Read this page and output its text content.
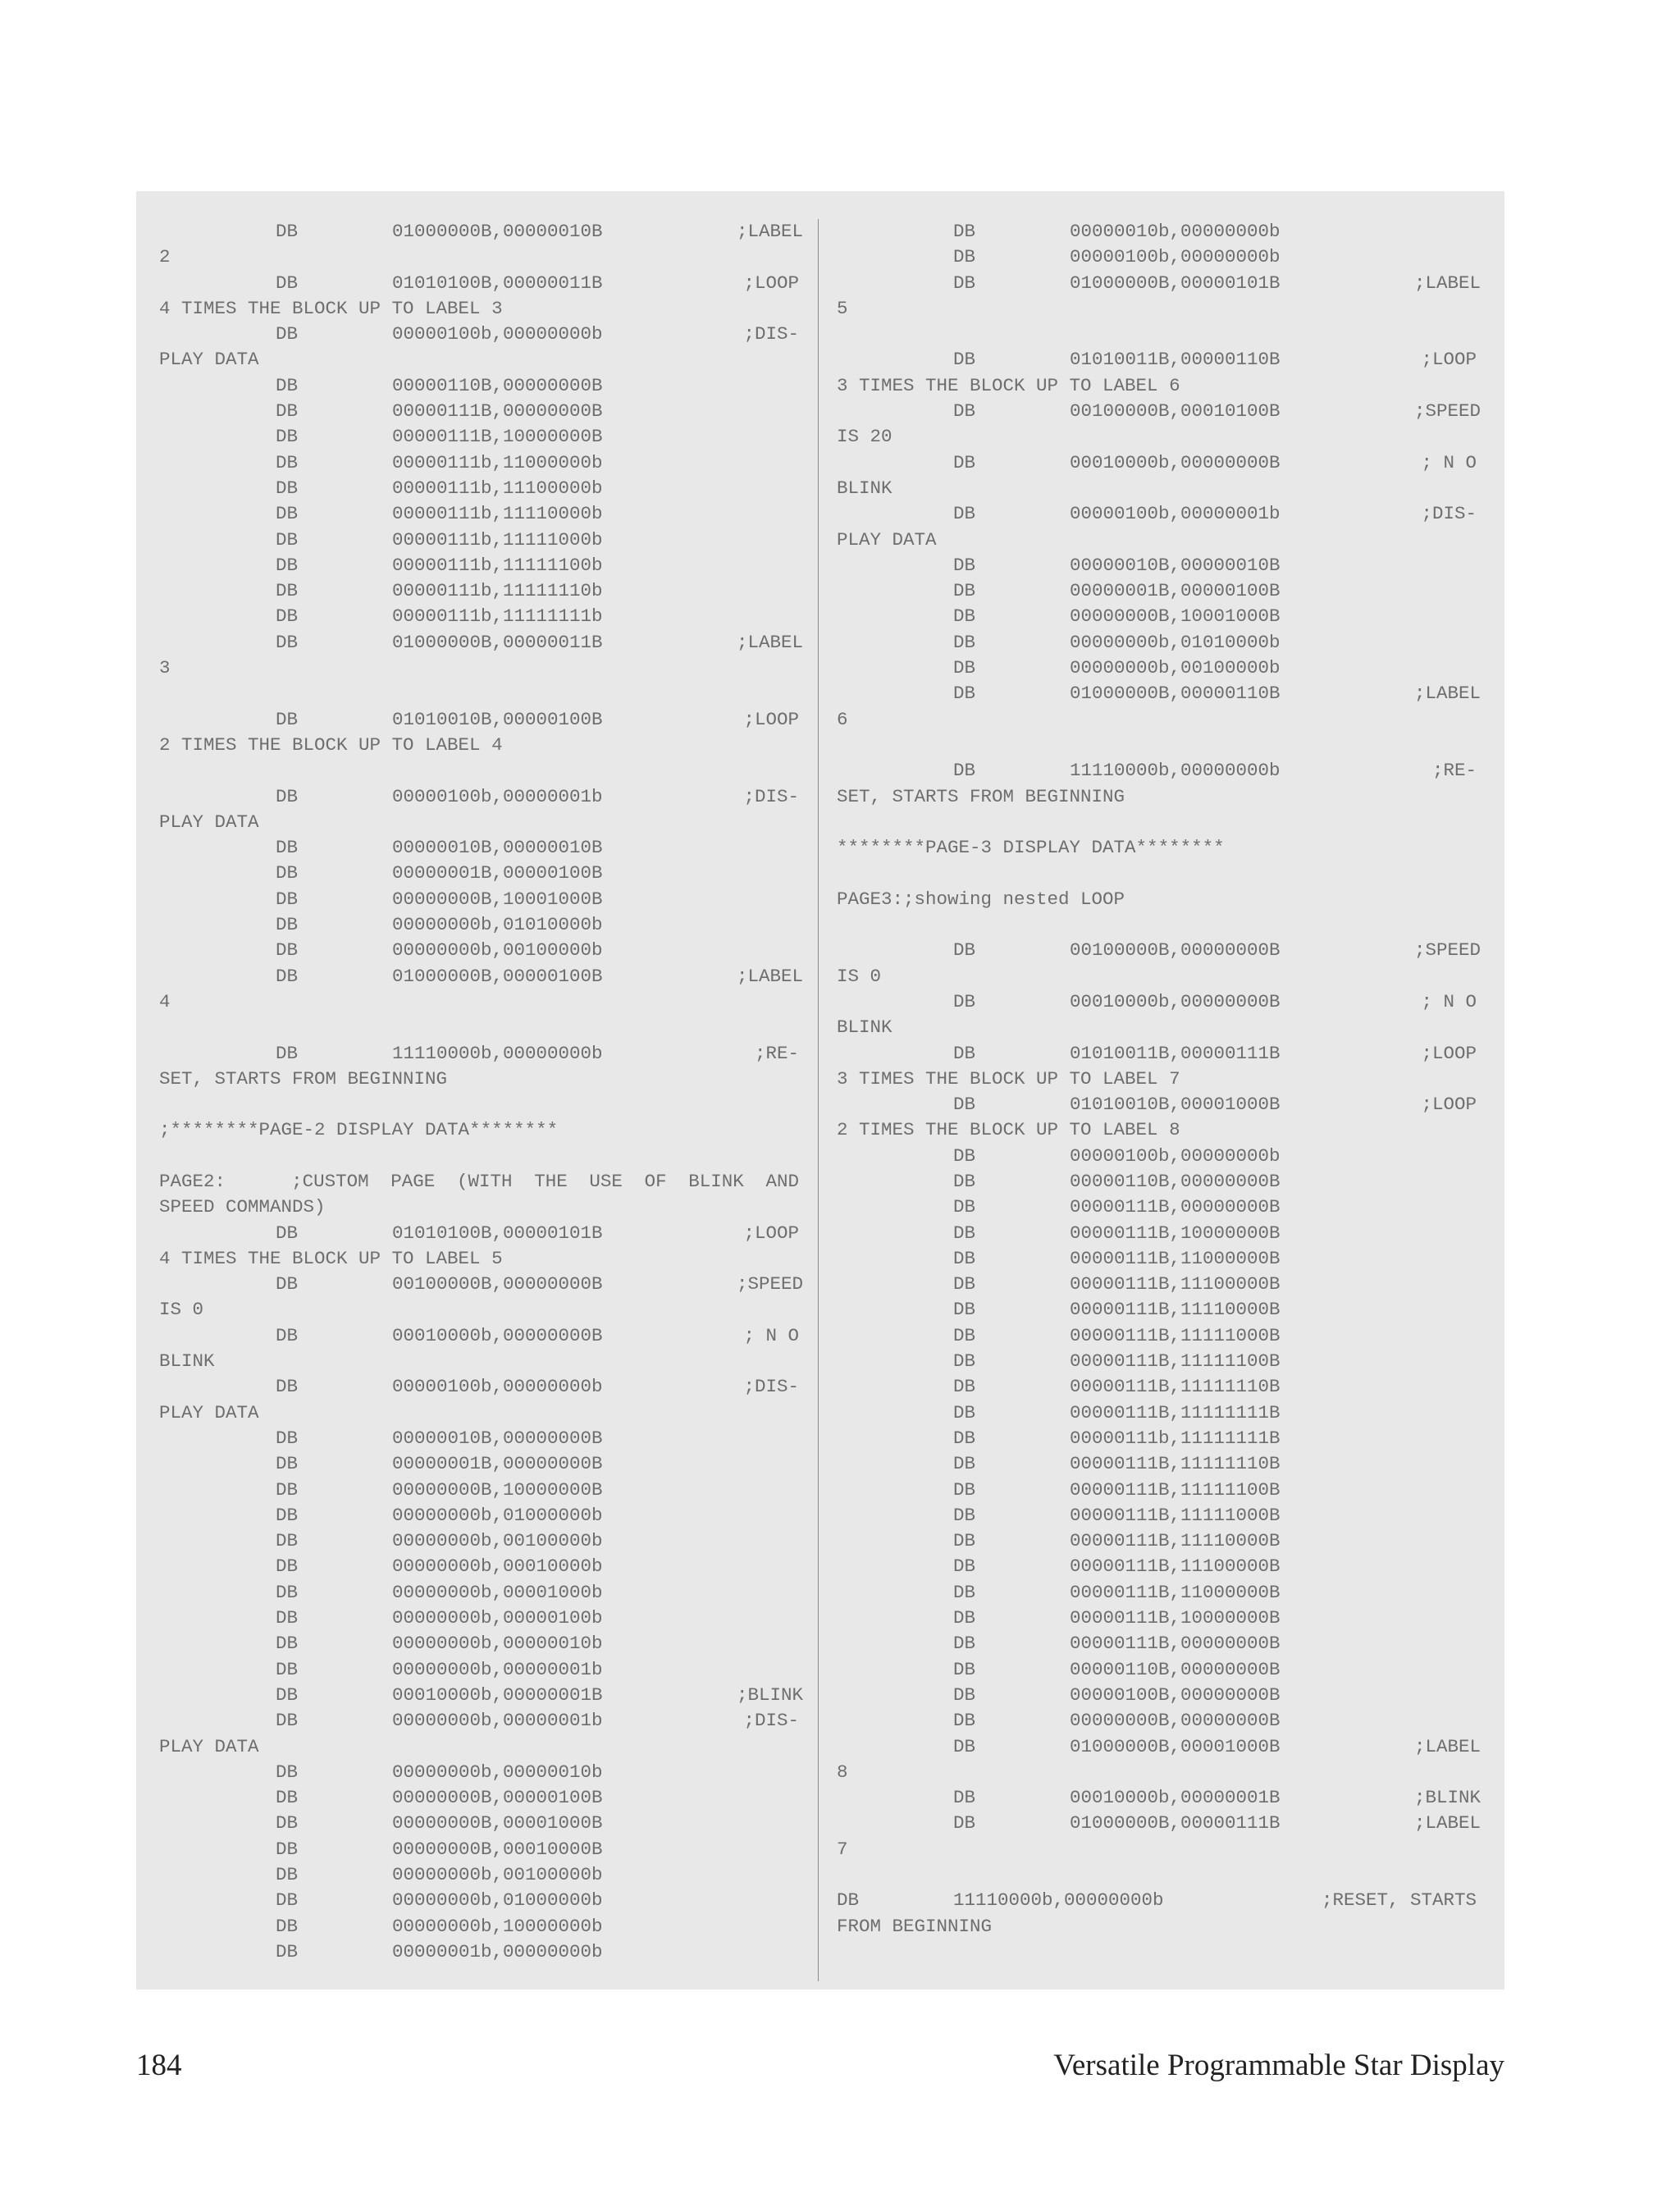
DB	01000000B,00000010B	;LABEL
2
DB	01010100B,00000011B	;LOOP
4 TIMES THE BLOCK UP TO LABEL 3
DB	00000100b,00000000b	;DIS-
PLAY DATA
DB	00000110B,00000000B
DB	00000111B,00000000B
DB	00000111B,10000000B
DB	00000111b,11000000b
DB	00000111b,11100000b
DB	00000111b,11110000b
DB	00000111b,11111000b
DB	00000111b,11111100b
DB	00000111b,11111110b
DB	00000111b,11111111b
DB	01000000B,00000011B	;LABEL
3
DB	01010010B,00000100B	;LOOP
2 TIMES THE BLOCK UP TO LABEL 4
DB	00000100b,00000001b	;DIS-
PLAY DATA
DB	00000010B,00000010B
DB	00000001B,00000100B
DB	00000000B,10001000B
DB	00000000b,01010000b
DB	00000000b,00100000b
DB	01000000B,00000100B	;LABEL
4
DB	11110000b,00000000b	;RE-
SET, STARTS FROM BEGINNING
;********PAGE-2 DISPLAY DATA********
PAGE2:   ;CUSTOM PAGE (WITH THE USE OF BLINK AND
SPEED COMMANDS)
DB	01010100B,00000101B	;LOOP
4 TIMES THE BLOCK UP TO LABEL 5
DB	00100000B,00000000B	;SPEED
IS 0
DB	00010000b,00000000B	; N O
BLINK
DB	00000100b,00000000b	;DIS-
PLAY DATA
DB	00000010B,00000000B
DB	00000001B,00000000B
DB	00000000B,10000000B
DB	00000000b,01000000b
DB	00000000b,00100000b
DB	00000000b,00010000b
DB	00000000b,00001000b
DB	00000000b,00000100b
DB	00000000b,00000010b
DB	00000000b,00000001b
DB	00010000b,00000001B	;BLINK
DB	00000000b,00000001b	;DIS-
PLAY DATA
DB	00000000b,00000010b
DB	00000000B,00000100B
DB	00000000B,00001000B
DB	00000000B,00010000B
DB	00000000b,00100000b
DB	00000000b,01000000b
DB	00000000b,10000000b
DB	00000001b,00000000b
DB	00000010b,00000000b
DB	00000100b,00000000b
DB	01000000B,00000101B	;LABEL
5
DB	01010011B,00000110B	;LOOP
3 TIMES THE BLOCK UP TO LABEL 6
DB	00100000B,00010100B	;SPEED
IS 20
DB	00010000b,00000000B	; N O
BLINK
DB	00000100b,00000001b	;DIS-
PLAY DATA
DB	00000010B,00000010B
DB	00000001B,00000100B
DB	00000000B,10001000B
DB	00000000b,01010000b
DB	00000000b,00100000b
DB	01000000B,00000110B	;LABEL
6
DB	11110000b,00000000b	;RE-
SET, STARTS FROM BEGINNING
********PAGE-3 DISPLAY DATA********
PAGE3:;showing nested LOOP
DB	00100000B,00000000B	;SPEED
IS 0
DB	00010000b,00000000B	; N O
BLINK
DB	01010011B,00000111B	;LOOP
3 TIMES THE BLOCK UP TO LABEL 7
DB	01010010B,00001000B	;LOOP
2 TIMES THE BLOCK UP TO LABEL 8
DB	00000100b,00000000b
DB	00000110B,00000000B
DB	00000111B,00000000B
DB	00000111B,10000000B
DB	00000111B,11000000B
DB	00000111B,11100000B
DB	00000111B,11110000B
DB	00000111B,11111000B
DB	00000111B,11111100B
DB	00000111B,11111110B
DB	00000111B,11111111B
DB	00000111b,11111111B
DB	00000111B,11111110B
DB	00000111B,11111100B
DB	00000111B,11111000B
DB	00000111B,11110000B
DB	00000111B,11100000B
DB	00000111B,11000000B
DB	00000111B,10000000B
DB	00000111B,00000000B
DB	00000110B,00000000B
DB	00000100B,00000000B
DB	00000000B,00000000B
DB	01000000B,00001000B	;LABEL
8
DB	00010000b,00000001B	;BLINK
DB	01000000B,00000111B	;LABEL
7
DB	11110000b,00000000b	;RESET, STARTS
FROM BEGINNING
184	Versatile Programmable Star Display
